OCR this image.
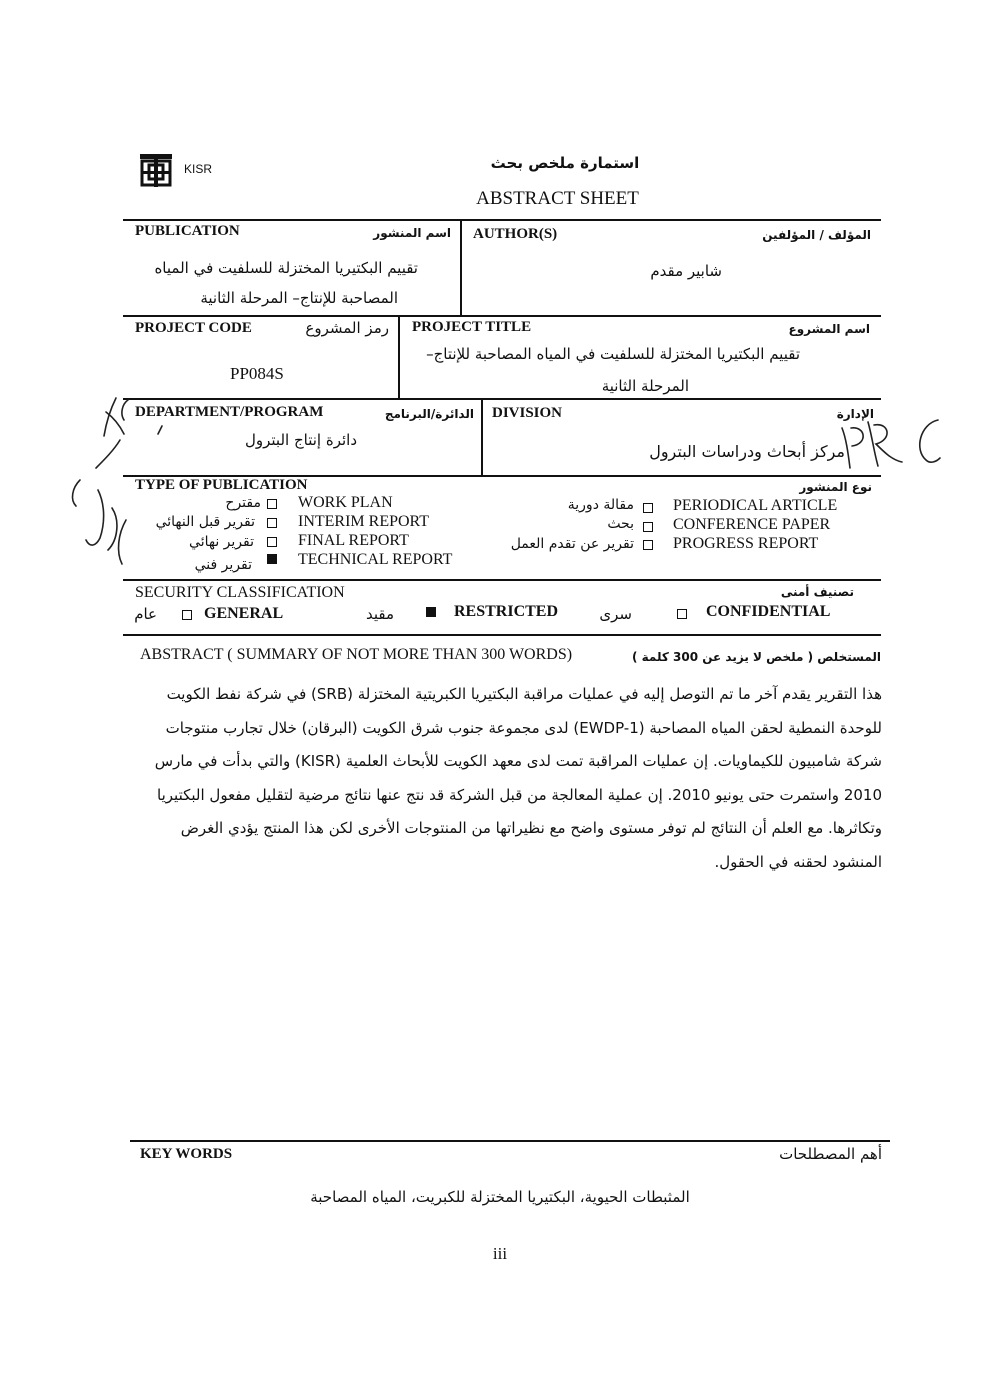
KISR	استمارة ملخص بحث
ABSTRACT SHEET
PUBLICATION	اسم المنشور
تقييم البكتيريا المختزلة للسلفيت في المياه
المصاحبة للإنتاج– المرحلة الثانية
AUTHOR(S)	المؤلف / المؤلفين
شابير مقدم
PROJECT CODE	رمز المشروع
PP084S
PROJECT TITLE	اسم المشروع
تقييم البكتيريا المختزلة للسلفيت في المياه المصاحبة للإنتاج–
المرحلة الثانية
DEPARTMENT/PROGRAM	الدائرة/البرنامج
دائرة إنتاج البترول
DIVISION	الإدارة
مركز أبحاث ودراسات البترول
TYPE OF PUBLICATION	نوع المنشور
مقترح WORK PLAN
تقرير قبل النهائي	INTERIM REPORT
تقرير نهائي	FINAL REPORT
تقرير فني	TECHNICAL REPORT
مقالة دورية PERIODICAL ARTICLE
بحث CONFERENCE PAPER
تقرير عن تقدم العمل PROGRESS REPORT
SECURITY CLASSIFICATION	تصنيف أمنى
عام	GENERAL	مقيد	RESTRICTED	سرى	CONFIDENTIAL
ABSTRACT ( SUMMARY OF NOT MORE THAN 300 WORDS)	المستخلص ( ملخص لا يزيد عن 300 كلمة )
هذا التقرير يقدم آخر ما تم التوصل إليه في عمليات مراقبة البكتيريا الكبريتية المختزلة (SRB) في شركة نفط الكويت
للوحدة النمطية لحقن المياه المصاحبة (EWDP-1) لدى مجموعة جنوب شرق الكويت (البرقان) خلال تجارب منتوجات
شركة شامبيون للكيماويات. إن عمليات المراقبة تمت لدى معهد الكويت للأبحاث العلمية (KISR) والتي بدأت في مارس
2010 واستمرت حتى يونيو 2010. إن عملية المعالجة من قبل الشركة قد نتج عنها نتائج مرضية لتقليل مفعول البكتيريا
وتكاثرها. مع العلم أن النتائج لم توفر مستوى واضح مع نظيراتها من المنتوجات الأخرى لكن هذا المنتج يؤدي الغرض
المنشود لحقنه في الحقول.
KEY WORDS	أهم المصطلحات
المثبطات الحيوية، البكتيريا المختزلة للكبريت، المياه المصاحبة
iii
